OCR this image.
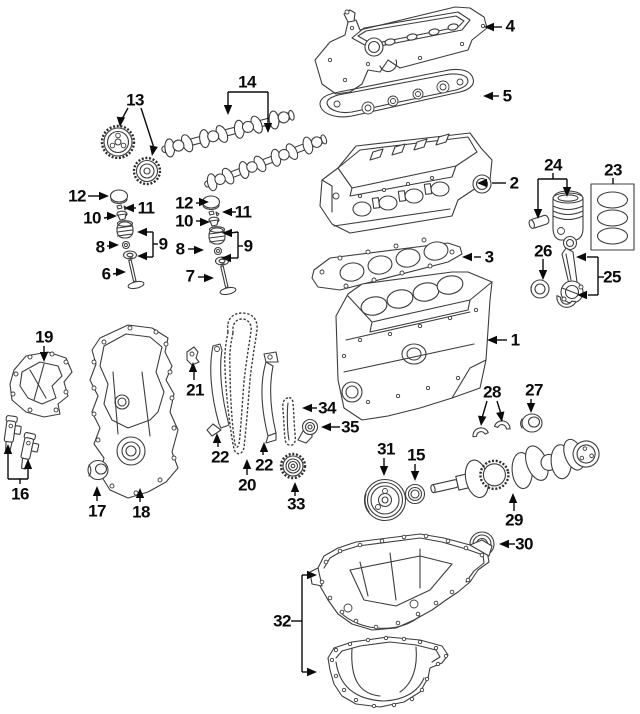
4
5
2
3
23
24
26
25
1
13
14
12
11
10
9
8
6
12 11
10
9
8
7
19
21
16
17 18
22
20
22
34
35
33
31 15
28 27
29
30
32
